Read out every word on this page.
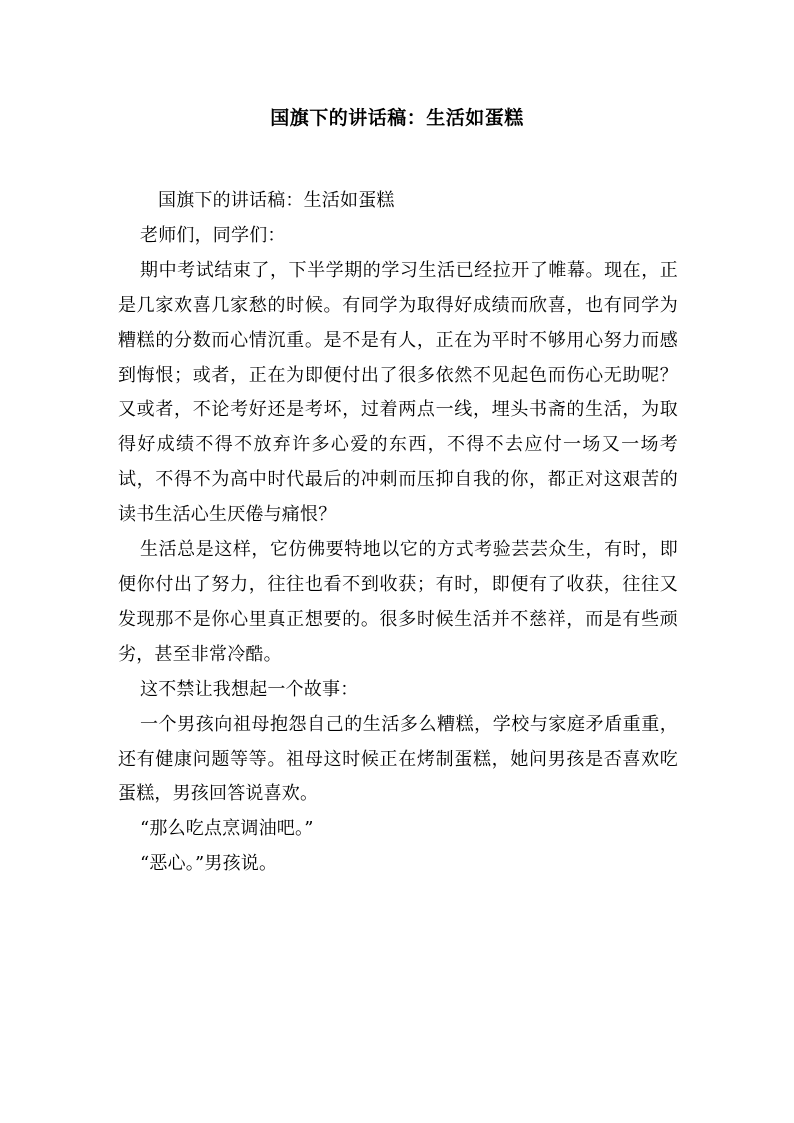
国旗下的讲话稿：生活如蛋糕

国旗下的讲话稿：生活如蛋糕

老师们，同学们：

期中考试结束了，下半学期的学习生活已经拉开了帷幕。现在，正是几家欢喜几家愁的时候。有同学为取得好成绩而欣喜，也有同学为糟糕的分数而心情沉重。是不是有人，正在为平时不够用心努力而感到悔恨；或者，正在为即便付出了很多依然不见起色而伤心无助呢？又或者，不论考好还是考坏，过着两点一线，埋头书斋的生活，为取得好成绩不得不放弃许多心爱的东西，不得不去应付一场又一场考试，不得不为高中时代最后的冲刺而压抑自我的你，都正对这艰苦的读书生活心生厌倦与痛恨？

生活总是这样，它仿佛要特地以它的方式考验芸芸众生，有时，即便你付出了努力，往往也看不到收获；有时，即便有了收获，往往又发现那不是你心里真正想要的。很多时候生活并不慈祥，而是有些顽劣，甚至非常冷酷。

这不禁让我想起一个故事：

一个男孩向祖母抱怨自己的生活多么糟糕，学校与家庭矛盾重重，还有健康问题等等。祖母这时候正在烤制蛋糕，她问男孩是否喜欢吃蛋糕，男孩回答说喜欢。

“那么吃点烹调油吧。”

“恶心。”男孩说。
